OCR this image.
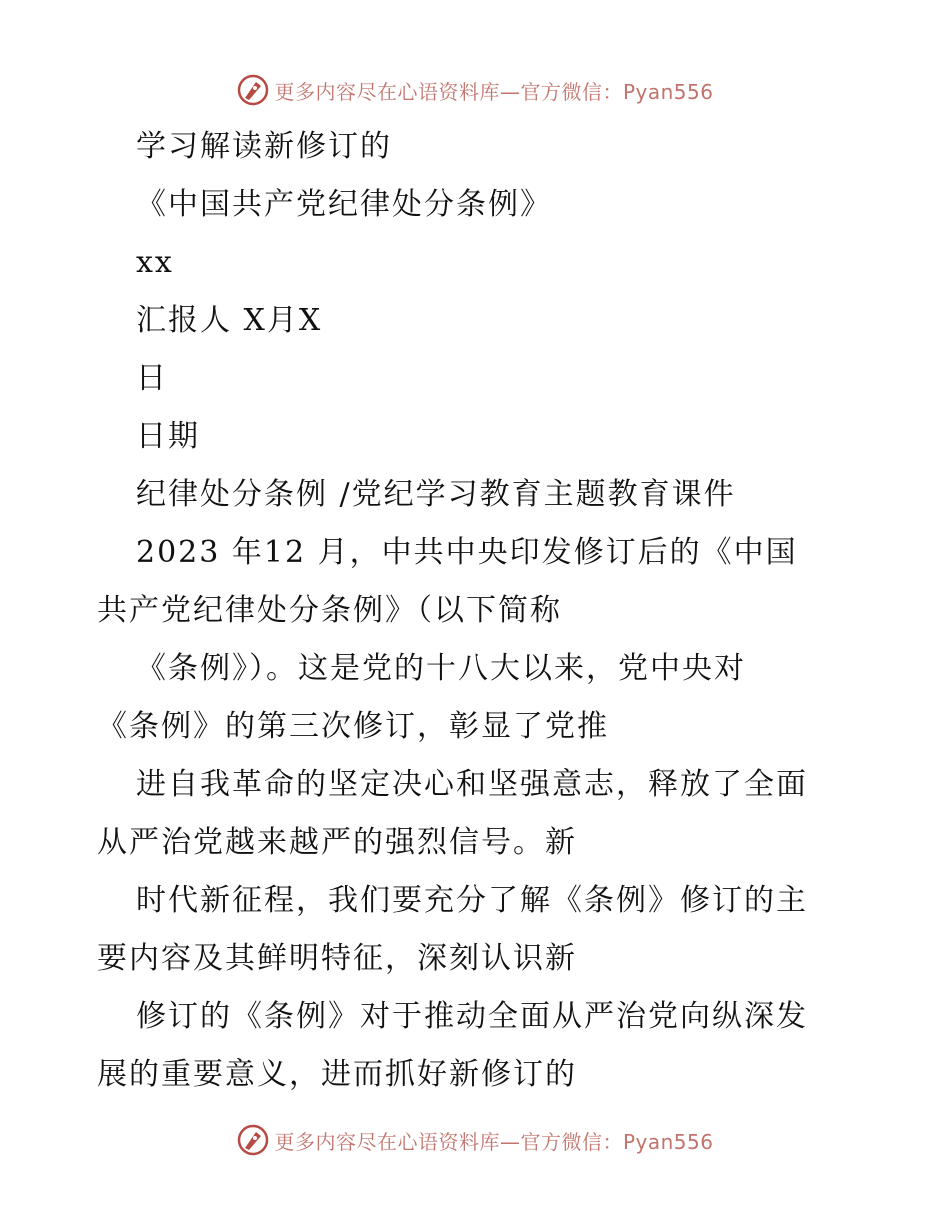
更多内容尽在心语资料库—官方微信：Pyan556
学习解读新修订的
《中国共产党纪律处分条例》
xx
汇报人 X月X
日
日期
纪律处分条例 /党纪学习教育主题教育课件
2023 年12 月，中共中央印发修订后的《中国
共产党纪律处分条例》（以下简称
《条例》）。这是党的十八大以来，党中央对
《条例》的第三次修订，彰显了党推
进自我革命的坚定决心和坚强意志，释放了全面
从严治党越来越严的强烈信号。新
时代新征程，我们要充分了解《条例》修订的主
要内容及其鲜明特征，深刻认识新
修订的《条例》对于推动全面从严治党向纵深发
展的重要意义，进而抓好新修订的
更多内容尽在心语资料库—官方微信：Pyan556
